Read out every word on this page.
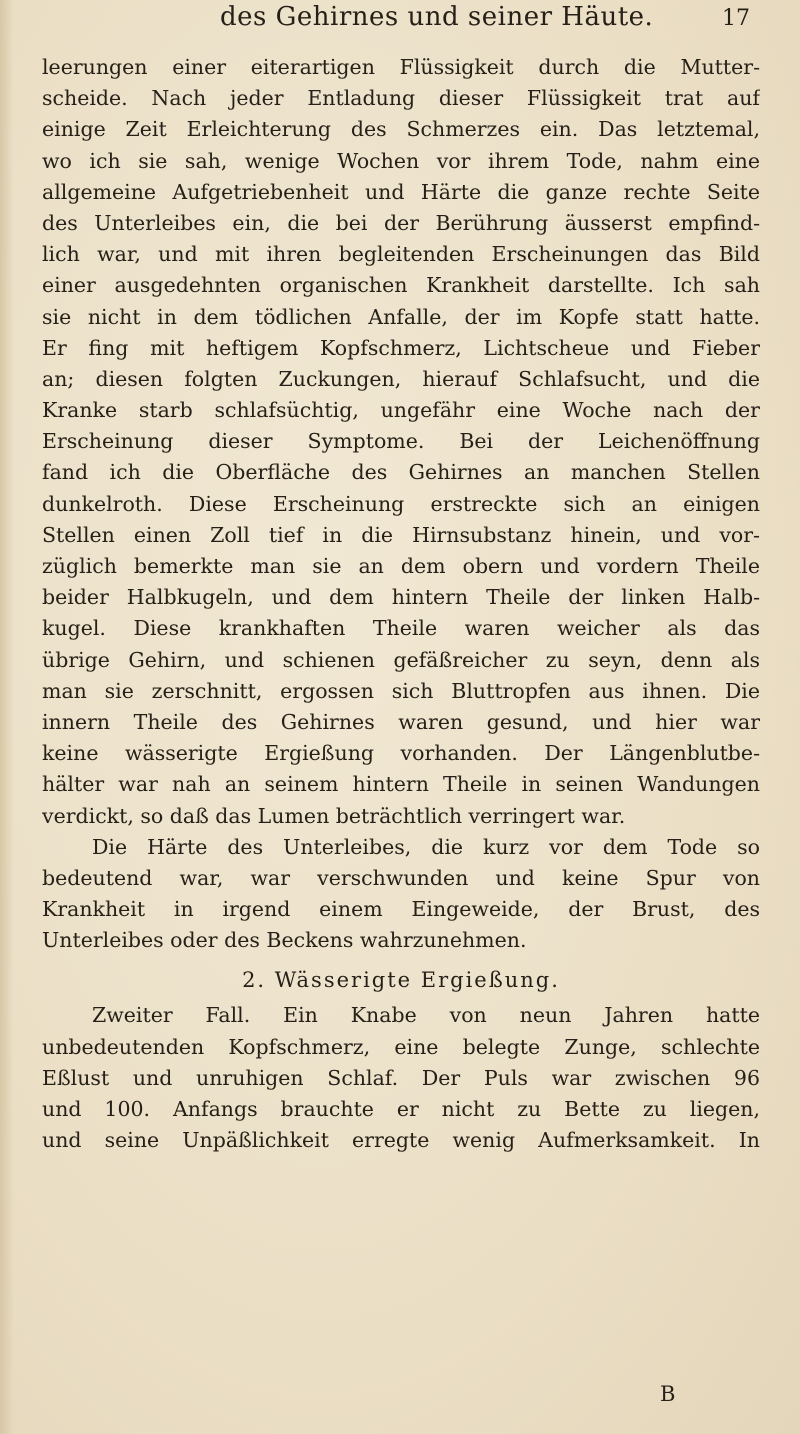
des Gehirnes und seiner Häute.	17
leerungen einer eiterartigen Flüssigkeit durch die Mutter-
scheide. Nach jeder Entladung dieser Flüssigkeit trat auf
einige Zeit Erleichterung des Schmerzes ein. Das letztemal,
wo ich sie sah, wenige Wochen vor ihrem Tode, nahm eine
allgemeine Aufgetriebenheit und Härte die ganze rechte Seite
des Unterleibes ein, die bei der Berührung äusserst empfind-
lich war, und mit ihren begleitenden Erscheinungen das Bild
einer ausgedehnten organischen Krankheit darstellte. Ich sah
sie nicht in dem tödlichen Anfalle, der im Kopfe statt hatte.
Er fing mit heftigem Kopfschmerz, Lichtscheue und Fieber
an; diesen folgten Zuckungen, hierauf Schlafsucht, und die
Kranke starb schlafsüchtig, ungefähr eine Woche nach der
Erscheinung dieser Symptome. Bei der Leichenöffnung
fand ich die Oberfläche des Gehirnes an manchen Stellen
dunkelroth. Diese Erscheinung erstreckte sich an einigen
Stellen einen Zoll tief in die Hirnsubstanz hinein, und vor-
züglich bemerkte man sie an dem obern und vordern Theile
beider Halbkugeln, und dem hintern Theile der linken Halb-
kugel. Diese krankhaften Theile waren weicher als das
übrige Gehirn, und schienen gefäßreicher zu seyn, denn als
man sie zerschnitt, ergossen sich Bluttropfen aus ihnen. Die
innern Theile des Gehirnes waren gesund, und hier war
keine wässerigte Ergießung vorhanden. Der Längenblutbe-
hälter war nah an seinem hintern Theile in seinen Wandungen
verdickt, so daß das Lumen beträchtlich verringert war.
Die Härte des Unterleibes, die kurz vor dem Tode so
bedeutend war, war verschwunden und keine Spur von
Krankheit in irgend einem Eingeweide, der Brust, des
Unterleibes oder des Beckens wahrzunehmen.
2. Wässerigte Ergießung.
Zweiter Fall. Ein Knabe von neun Jahren hatte
unbedeutenden Kopfschmerz, eine belegte Zunge, schlechte
Eßlust und unruhigen Schlaf. Der Puls war zwischen 96
und 100. Anfangs brauchte er nicht zu Bette zu liegen,
und seine Unpäßlichkeit erregte wenig Aufmerksamkeit. In
B
